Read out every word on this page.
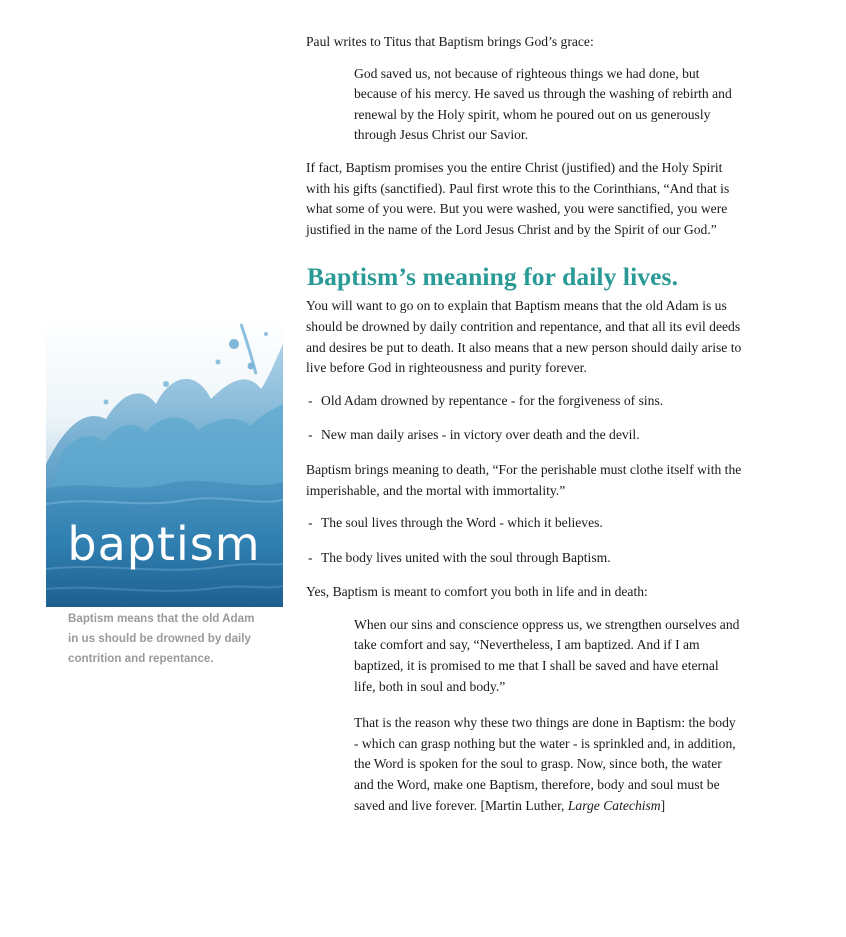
Paul writes to Titus that Baptism brings God’s grace:

God saved us, not because of righteous things we had done, but because of his mercy. He saved us through the washing of rebirth and renewal by the Holy spirit, whom he poured out on us generously through Jesus Christ our Savior.

If fact, Baptism promises you the entire Christ (justified) and the Holy Spirit with his gifts (sanctified). Paul first wrote this to the Corinthians, “And that is what some of you were. But you were washed, you were sanctified, you were justified in the name of the Lord Jesus Christ and by the Spirit of our God.”

Baptism’s meaning for daily lives.

You will want to go on to explain that Baptism means that the old Adam is us should be drowned by daily contrition and repentance, and that all its evil deeds and desires be put to death. It also means that a new person should daily arise to live before God in righteousness and purity forever.

- Old Adam drowned by repentance - for the forgiveness of sins.

- New man daily arises - in victory over death and the devil.

Baptism brings meaning to death, “For the perishable must clothe itself with the imperishable, and the mortal with immortality.”

- The soul lives through the Word - which it believes.

- The body lives united with the soul through Baptism.

Yes, Baptism is meant to comfort you both in life and in death:

When our sins and conscience oppress us, we strengthen ourselves and take comfort and say, “Nevertheless, I am baptized. And if I am baptized, it is promised to me that I shall be saved and have eternal life, both in soul and body.”

That is the reason why these two things are done in Baptism: the body - which can grasp nothing but the water - is sprinkled and, in addition, the Word is spoken for the soul to grasp. Now, since both, the water and the Word, make one Baptism, therefore, body and soul must be saved and live forever. [Martin Luther, Large Catechism]

baptism
Baptism means that the old Adam in us should be drowned by daily contrition and repentance.
